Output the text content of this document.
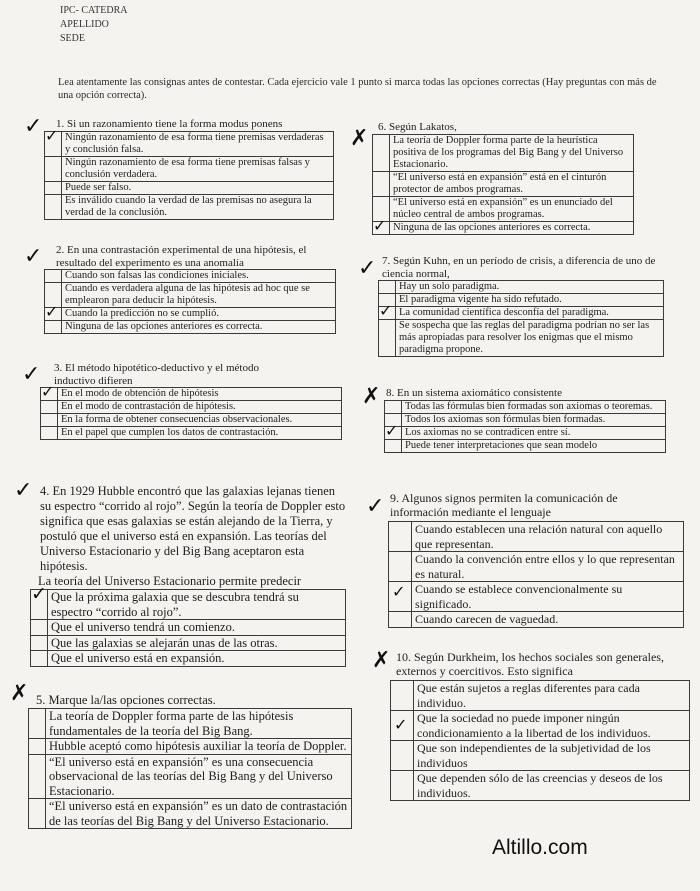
IPC- CATEDRA
APELLIDO
SEDE
Lea atentamente las consignas antes de contestar. Cada ejercicio vale 1 punto si marca todas las opciones correctas (Hay preguntas con más de una opción correcta).
1. Si un razonamiento tiene la forma modus ponens
✓	Ningún razonamiento de esa forma tiene premisas verdaderas y conclusión falsa.
	Ningún razonamiento de esa forma tiene premisas falsas y conclusión verdadera.
	Puede ser falso.
	Es inválido cuando la verdad de las premisas no asegura la verdad de la conclusión.
✓
2. En una contrastación experimental de una hipótesis, el resultado del experimento es una anomalía
	Cuando son falsas las condiciones iniciales.
	Cuando es verdadera alguna de las hipótesis ad hoc que se emplearon para deducir la hipótesis.

✓	Cuando la predicción no se cumplió.
	Ninguna de las opciones anteriores es correcta.
✓
3. El método hipotético-deductivo y el método inductivo difieren
✓	En el modo de obtención de hipótesis
	En el modo de contrastación de hipótesis.
	En la forma de obtener consecuencias observacionales.
	En el papel que cumplen los datos de contrastación.
✓
4. En 1929 Hubble encontró que las galaxias lejanas tienen su espectro “corrido al rojo”. Según la teoría de Doppler esto significa que esas galaxias se están alejando de la Tierra, y postuló que el universo está en expansión. Las teorías del Universo Estacionario y del Big Bang aceptaron esta hipótesis.
La teoría del Universo Estacionario permite predecir
✓	Que la próxima galaxia que se descubra tendrá su espectro “corrido al rojo”.
	Que el universo tendrá un comienzo.
	Que las galaxias se alejarán unas de las otras.
	Que el universo está en expansión.
✓
5. Marque la/las opciones correctas.
	La teoría de Doppler forma parte de las hipótesis fundamentales de la teoría del Big Bang.
	Hubble aceptó como hipótesis auxiliar la teoría de Doppler.
	“El universo está en expansión” es una consecuencia observacional de las teorías del Big Bang y del Universo Estacionario.
	“El universo está en expansión” es un dato de contrastación de las teorías del Big Bang y del Universo Estacionario.
✗
6. Según Lakatos,
	La teoría de Doppler forma parte de la heurística positiva de los programas del Big Bang y del Universo Estacionario.
	“El universo está en expansión” está en el cinturón protector de ambos programas.
	“El universo está en expansión” es un enunciado del núcleo central de ambos programas.

✓	Ninguna de las opciones anteriores es correcta.
✗
7. Según Kuhn, en un período de crisis, a diferencia de uno de ciencia normal,
	Hay un solo paradigma.
	El paradigma vigente ha sido refutado.

✓	La comunidad científica desconfía del paradigma.
	Se sospecha que las reglas del paradigma podrían no ser las más apropiadas para resolver los enigmas que el mismo paradigma propone.
✓
8. En un sistema axiomático consistente
	Todas las fórmulas bien formadas son axiomas o teoremas.
	Todos los axiomas son fórmulas bien formadas.

✓	Los axiomas no se contradicen entre sí.
	Puede tener interpretaciones que sean modelo
✗
9. Algunos signos permiten la comunicación de información mediante el lenguaje
	Cuando establecen una relación natural con aquello que representan.
	Cuando la convención entre ellos y lo que representan es natural.

✓	Cuando se establece convencionalmente su significado.
	Cuando carecen de vaguedad.
✓
10. Según Durkheim, los hechos sociales son generales, externos y coercitivos. Esto significa
	Que están sujetos a reglas diferentes para cada individuo.

✓	Que la sociedad no puede imponer ningún condicionamiento a la libertad de los individuos.
	Que son independientes de la subjetividad de los individuos
	Que dependen sólo de las creencias y deseos de los individuos.
✗
Altillo.com
